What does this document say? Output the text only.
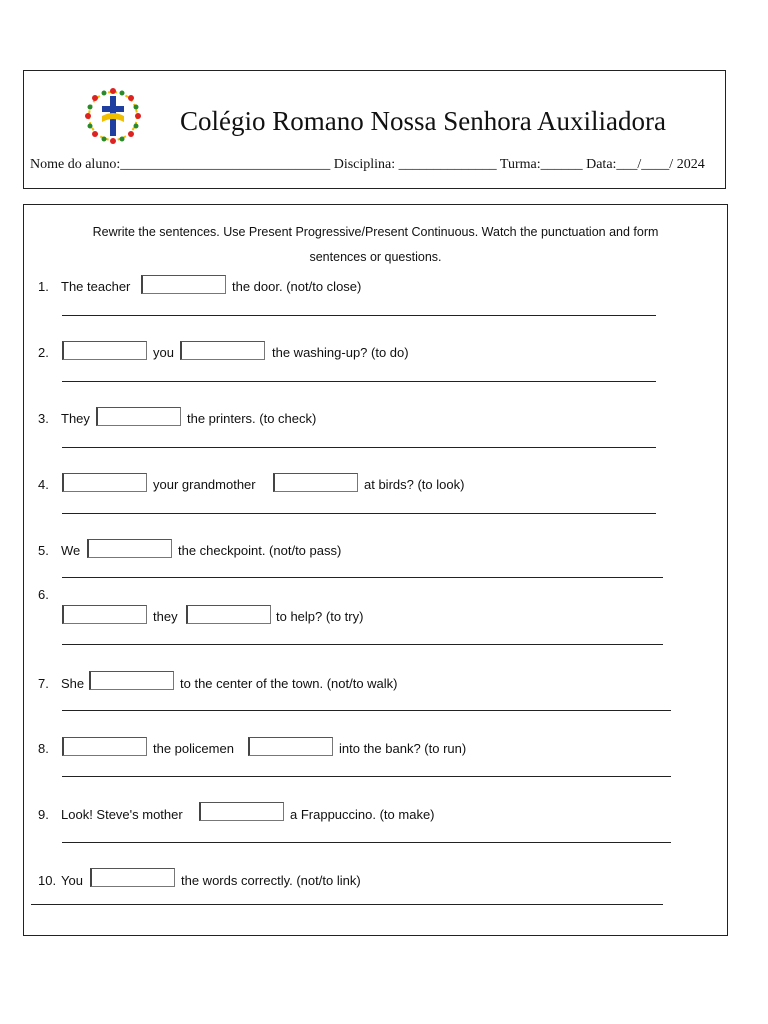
Colégio Romano Nossa Senhora Auxiliadora
Nome do aluno:______________________________ Disciplina: ______________ Turma:______ Data:___/____/ 2024
Rewrite the sentences. Use Present Progressive/Present Continuous. Watch the punctuation and form
sentences or questions.
1. The teacher	the door. (not/to close)
2.	you	the washing-up? (to do)
3. They	the printers. (to check)
4.	your grandmother	at birds? (to look)
5. We	the checkpoint. (not/to pass)
6.
they	to help? (to try)
7. She	to the center of the town. (not/to walk)
8.	the policemen	into the bank? (to run)
9. Look! Steve's mother	a Frappuccino. (to make)
10. You	the words correctly. (not/to link)
